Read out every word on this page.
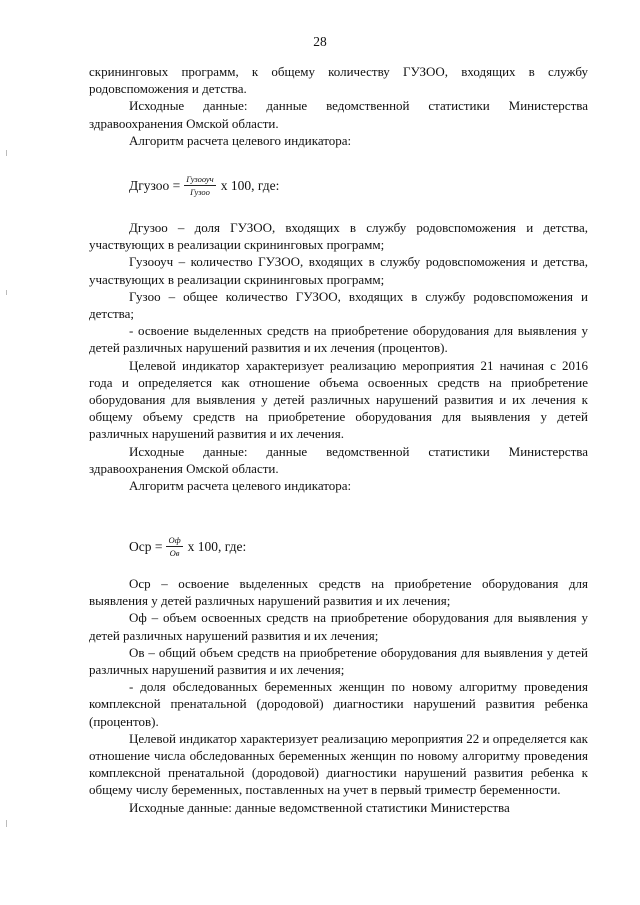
28

скрининговых программ, к общему количеству ГУЗОО, входящих в службу родовспоможения и детства.

Исходные данные: данные ведомственной статистики Министерства здравоохранения Омской области.

Алгоритм расчета целевого индикатора:

Дгузоо = $\frac{\text{Гузооуч}}{\text{Гузоо}}$ х 100, где:

Дгузоо – доля ГУЗОО, входящих в службу родовспоможения и детства, участвующих в реализации скрининговых программ;

Гузооуч – количество ГУЗОО, входящих в службу родовспоможения и детства, участвующих в реализации скрининговых программ;

Гузоо – общее количество ГУЗОО, входящих в службу родовспоможения и детства;

- освоение выделенных средств на приобретение оборудования для выявления у детей различных нарушений развития и их лечения (процентов).

Целевой индикатор характеризует реализацию мероприятия 21 начиная с 2016 года и определяется как отношение объема освоенных средств на приобретение оборудования для выявления у детей различных нарушений развития и их лечения к общему объему средств на приобретение оборудования для выявления у детей различных нарушений развития и их лечения.

Исходные данные: данные ведомственной статистики Министерства здравоохранения Омской области.

Алгоритм расчета целевого индикатора:

Оср = $\frac{Оф}{Ов}$ х 100, где:

Оср – освоение выделенных средств на приобретение оборудования для выявления у детей различных нарушений развития и их лечения;

Оф – объем освоенных средств на приобретение оборудования для выявления у детей различных нарушений развития и их лечения;

Ов – общий объем средств на приобретение оборудования для выявления у детей различных нарушений развития и их лечения;

- доля обследованных беременных женщин по новому алгоритму проведения комплексной пренатальной (дородовой) диагностики нарушений развития ребенка (процентов).

Целевой индикатор характеризует реализацию мероприятия 22 и определяется как отношение числа обследованных беременных женщин по новому алгоритму проведения комплексной пренатальной (дородовой) диагностики нарушений развития ребенка к общему числу беременных, поставленных на учет в первый триместр беременности.

Исходные данные: данные ведомственной статистики Министерства
